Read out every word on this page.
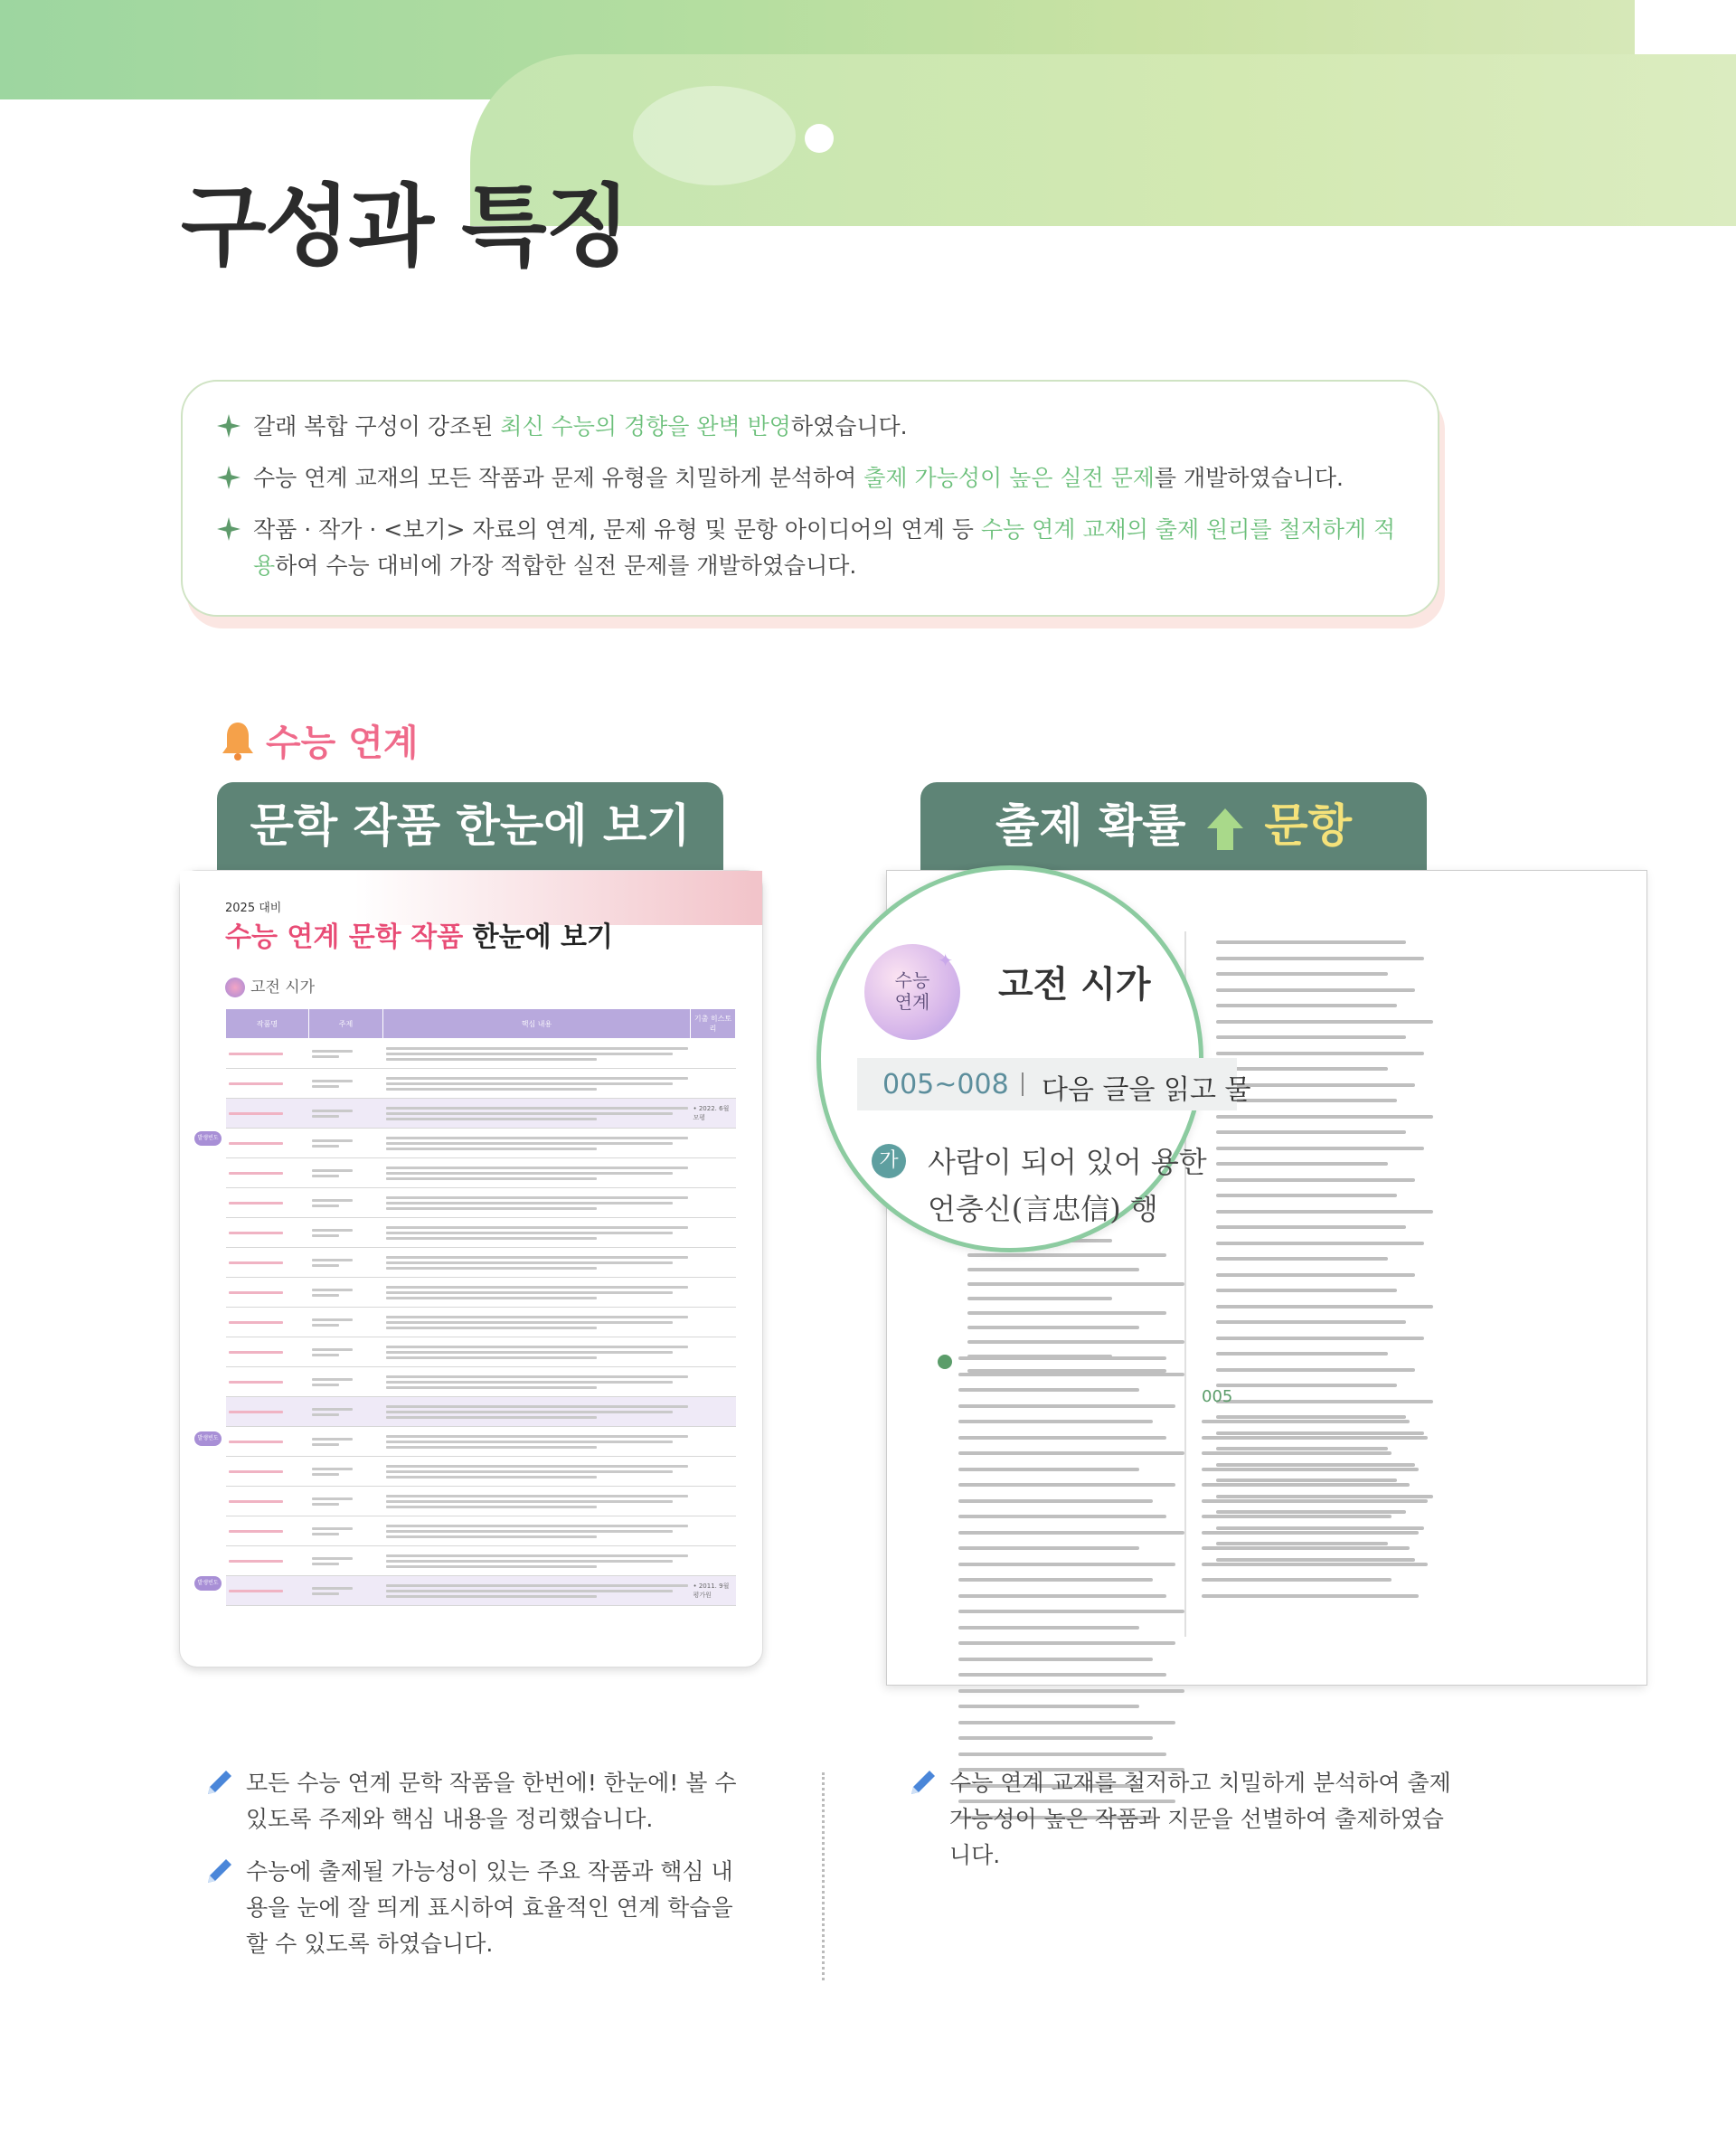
구성과 특징
갈래 복합 구성이 강조된 최신 수능의 경향을 완벽 반영하였습니다.
수능 연계 교재의 모든 작품과 문제 유형을 치밀하게 분석하여 출제 가능성이 높은 실전 문제를 개발하였습니다.
작품 · 작가 · <보기> 자료의 연계, 문제 유형 및 문항 아이디어의 연계 등 수능 연계 교재의 출제 원리를 철저하게 적용하여 수능 대비에 가장 적합한 실전 문제를 개발하였습니다.
수능 연계
문학 작품 한눈에 보기	출제 확률 문항
2025 대비
수능 연계 문학 작품 한눈에 보기
고전 시가
발생빈도
발생빈도
발생빈도
작품명	주제	핵심 내용	기출 히스토리

	• 2022. 6월 모평

	• 2011. 9월 평가원
005
✦
수능
연계	고전 시가
005~008 다음 글을 읽고 물
가 사람이 되어 있어 용한
언충신(言忠信) 행
모든 수능 연계 문학 작품을 한번에! 한눈에! 볼 수 있도록 주제와 핵심 내용을 정리했습니다.
수능에 출제될 가능성이 있는 주요 작품과 핵심 내용을 눈에 잘 띄게 표시하여 효율적인 연계 학습을 할 수 있도록 하였습니다.
수능 연계 교재를 철저하고 치밀하게 분석하여 출제 가능성이 높은 작품과 지문을 선별하여 출제하였습니다.
